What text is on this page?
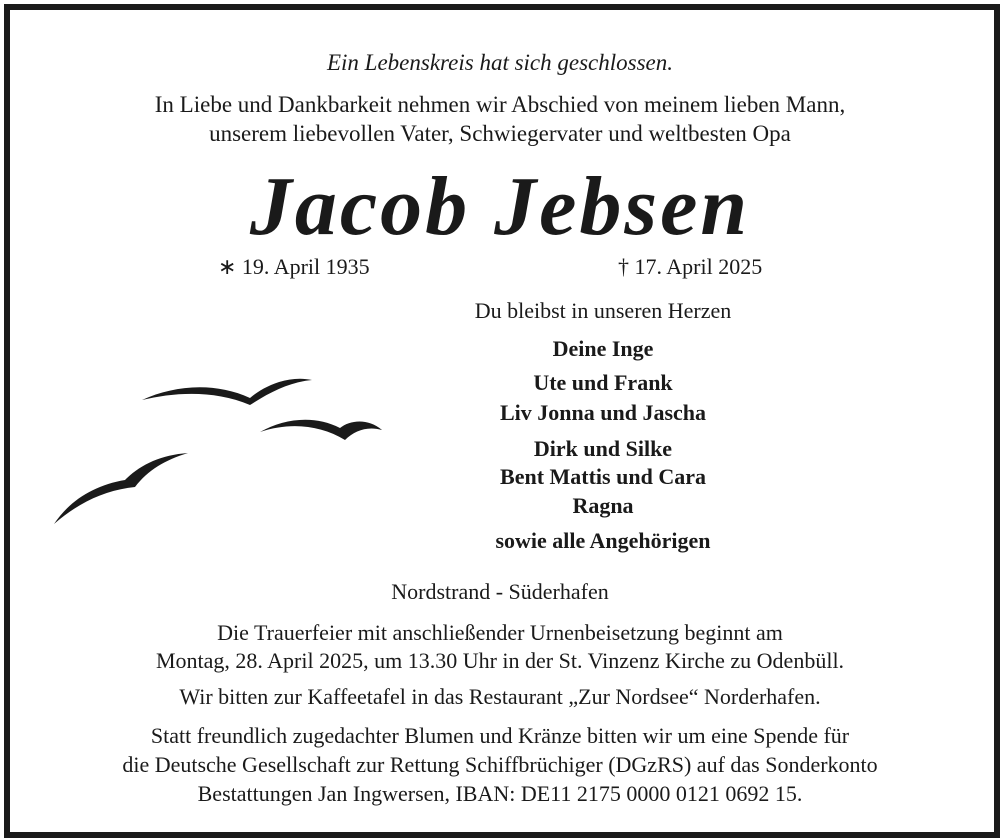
Ein Lebenskreis hat sich geschlossen.
In Liebe und Dankbarkeit nehmen wir Abschied von meinem lieben Mann,
unserem liebevollen Vater, Schwiegervater und weltbesten Opa
Jacob Jebsen
∗ 19. April 1935	† 17. April 2025
Du bleibst in unseren Herzen
Deine Inge
Ute und Frank
Liv Jonna und Jascha
Dirk und Silke
Bent Mattis und Cara
Ragna
sowie alle Angehörigen
Nordstrand - Süderhafen
Die Trauerfeier mit anschließender Urnenbeisetzung beginnt am
Montag, 28. April 2025, um 13.30 Uhr in der St. Vinzenz Kirche zu Odenbüll.
Wir bitten zur Kaffeetafel in das Restaurant „Zur Nordsee“ Norderhafen.
Statt freundlich zugedachter Blumen und Kränze bitten wir um eine Spende für
die Deutsche Gesellschaft zur Rettung Schiffbrüchiger (DGzRS) auf das Sonderkonto
Bestattungen Jan Ingwersen, IBAN: DE11 2175 0000 0121 0692 15.
